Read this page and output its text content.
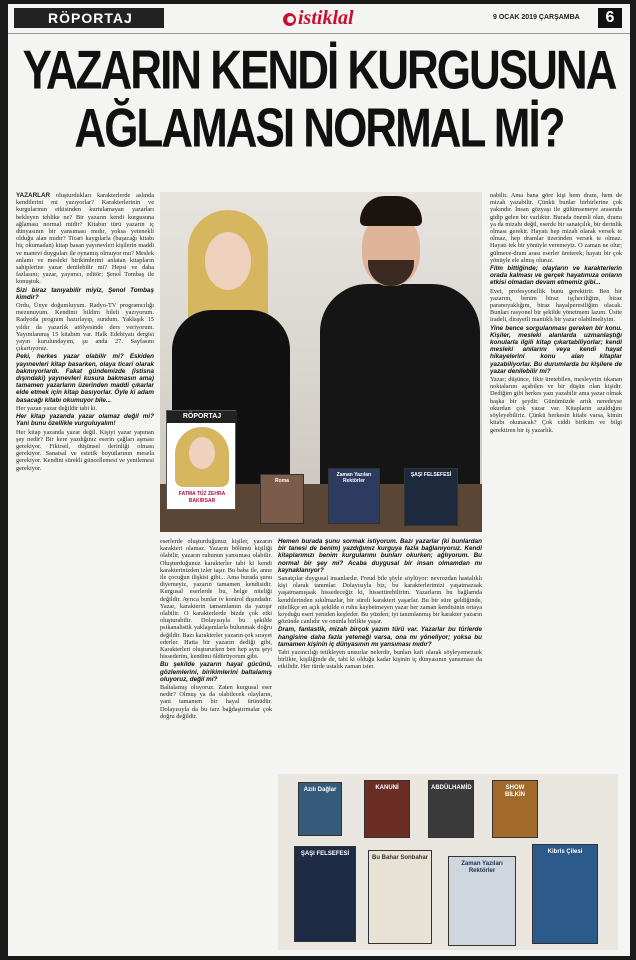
RÖPORTAJ	istiklal	9 OCAK 2019 ÇARŞAMBA	6
YAZARIN KENDİ KURGUSUNA
AĞLAMASI NORMAL Mİ?

YAZARLAR oluşturdukları karakterlerde aslında kendilerini mi yazıyorlar? Karakterlerinin ve kurgularının etkisinden kurtulamayan yazarları bekleyen tehlike ne? Bir yazarın kendi kurgusuna ağlaması normal midir? Kitabın türü yazarın iç dünyasının bir yansıması mıdır, yoksa yetenekli olduğu alan mıdır? Ticari kaygılarla (başacağı kitabı hiç okumadan) kitap basan yayınevleri kişilerin maddi ve manevi duyguları ile oynamış olmuyor mu? Meslek anlamı ve mesleki birikimlerini anlatan kitapların sahiplerine yazar denilebilir mi? Hepsi ve daha fazlasını; yazar, yayımcı, editör; Şenol Tombaş ile konuştuk.

Sizi biraz tanıyabilir miyiz, Şenol Tombaş kimdir?

Ordu, Ünye doğumluyum. Radyo-TV programcılığı mezunuyum. Kendimi bildim bileli yazıyorum. Radyoda program hazırlayıp, sundum. Yaklaşık 15 yıldır da yazarlık atölyesinde ders veriyorum. Yayımlanmış 15 kitabım var. Halk Edebiyatı dergisi yayın kurulundayım, şu anda 27. Sayfasını çıkartıyoruz.

Peki, herkes yazar olabilir mi? Eskiden yayınevleri kitap basarken, olaya ticari olarak bakmıyorlardı. Fakat gündemizde (istisna dışındaki) yayınevleri kusura bakmasın ama) tamamen yazarların üzerinden maddi çıkarlar elde etmek için kitap basıyorlar. Öyle ki adam basacağı kitabı okumuyor bile...

Her yazan yazar değildir tabi ki.

Her kitap yazanda yazar olamaz değil mi? Yani bunu özellikle vurguluyalım!

Her kitap yazanda yazar değil. Kişiyi yazar yapınan şey nedir? Bir kere yazdığınız eserin çağları aşması gerekiyor. Fikirsel, düşünsel derinliği olması gerekiyor. Sanatsal ve estetik boyutlarının mesela gerekiyor. Kendini sürekli güncellemesi ve yenilemesi gerekiyor.

Roma
Zaman Yazıları Rektörler
ŞAŞI FELSEFESİ
RÖPORTAJ
FATMA TÜZ ZEHRA BAKIRSAR

nabilir. Ama bana göre kişi hem dram, hem de mizah yazabilir. Çünkü bunlar birbirlerine çok yakındır. İnsan gözyaşı ile gülümsemeye arasında gidip gelen bir varlıktır. Burada önemli olan, dramı ya da mizahı değil, eserde bir sanatçılık, bir derinlik olması gerekir. Hayatı hep mizah olarak versek te olmaz, hep dramlar üzerinden versek te olmaz. Hayatı tek bir yönüyle veremeyiz. O zaman ne olur; gülmece-dram arası eserler üreterek; hayatı bir çok yönüyle ele almış oluruz.

Film bittiğinde; olayların ve karakterlerin orada kalması ve gerçek hayatımıza onların etkisi olmadan devam etmemiz gibi...

Evet, profesyonellik bunu gerektirir. Ben bir yazarım, benim biraz işçheciliğim, biraz paranoyaklığım, biraz hayalperestliğim olacak. Bunları rasyonel bir şekilde yönetmem lazım. Üstte iradeli, dirayetli mantıklı bir yazar olabilmeliyim.

Yine bence sorgulanması gereken bir konu. Kişiler, mesleki alanlarda uzmanlaştığı konularla ilgili kitap çıkartabiliyorlar; kendi mesleki anılarını veya kendi hayat hikayelerini konu alan kitaplar yazabiliyorlar. Bu durumlarda bu kişilere de yazar denilebilir mi?

Yazar; düşünce, fikir üretebilen, mesleyetin tıkanan noktalarını açabilen ve bir düşün olan kişidir. Dediğim gibi herkes yazı yazabilir ama yazar olmak başka bir şeydir. Günümüzde artık neredeyse okurdan çok yazar var. Kitapların azaldığını söyleyebiliriz. Çünkü herkesin kitabı varsa, kimin kitabı okunacak? Çok ciddi birikim ve bilgi gerektiren bir iş yazarlık.

eserlerde oluşturduğunuz kişiler, yazarın karakteri olamaz. Yazarın bölümü kişiliği olabilir, yazarın ruhunun yansıması olabilir. Oluşturduğunuz karakterler tabi ki kendi karakterinizden izler taşır. Bu baba ile, anne ile çocuğun ilişkisi gibi... Ama burada şunu diyemeyiz, yazarın tamamen kendisidir. Kurgusal eserlerde bu, belge niteliği değildir. Ayrıca bunlar iv kontrol dışındadır. Yazar, karakterin tamamlamın da yazışır olabilir. O karakterlerde bizde çok etki oluşturabilir. Dolayısıyla bu şekilde psikanalistik yaklaşımlarla bulunmak doğru değildir. Bazı karakterler yazarın çok sırayet ederler. Hatta bir yazarın dediği gibi, Karakterleri oluştururken ben hep aynı şeyi hissederim, kendimi öldürüyorum gibi.

Bu şekilde yazarın hayal gücünü, gözlemlerini, birikimlerini baltalamış oluyoruz, değil mi?

Baltalamış oluyoruz. Zaten kurgusal eser nedir? Olmuş ya da olabilecek olayların, yani tamamen bir hayal ürünüdür. Dolayısıyla da bu tarz bağdaştırmalar çok doğru değildir.

Hemen burada şunu sormak istiyorum. Bazı yazarlar (ki bunlardan bir tanesi de benim) yazdığımız kurguya fazla bağlanıyoruz. Kendi kitaplarımızı benim kurgularımı bunları okurken; ağlıyorum. Bu normal bir şey mi? Acaba duygusal bir insan olmamdan mı kaynaklanıyor?

Sanatçılar duygusal insanlardır. Freud bile şöyle söylüyor: nevrozdan hastalıklı kişi olarak tanımlar. Dolayısıyla biz, bu karakterlerimizi yaşatmazsak yaşatmamışsak hissedeceğiz ki, hissettirebilirim. Yazarların bu bağlamda kendilerinden sıkılmazlar, bir süreli karakteri yaşarlar. Bu bir süre geldiğinde, nitelikçe en açık şekilde o ruhu kaybetmeyen yazar her zaman kendisinin ortaya koyduğu eseri yeniden keşfeder. Bu yüzden; iyi tanımlanmış bir karakter yazarın gözünde canlıdır ve onunla birlikte yaşar.

Dram, fantastik, mizah birçok yazım türü var. Yazarlar bu türlerde hangisine daha fazla yeteneği varsa, ona mı yöneliyor; yoksa bu tamamen kişinin iç dünyasının mı yansıması mıdır?

Tabi yazıncılığı tetikleyen unsurlar nelerdir, bunları kafi olarak söyleyemezsek birlikte, kişiliğinde de, tabi ki olduğu kadar kişinin iç dünyasının yansıması da etkilidir. Her türde ustalık zaman ister.

Azılı Dağlar	KANUNİ	ABDÜLHAMİD	SHOW BİLKİN
ŞAŞI FELSEFESİ
Bu Bahar Sonbahar
Zaman Yazıları Rektörler
Kibris Çilesi
